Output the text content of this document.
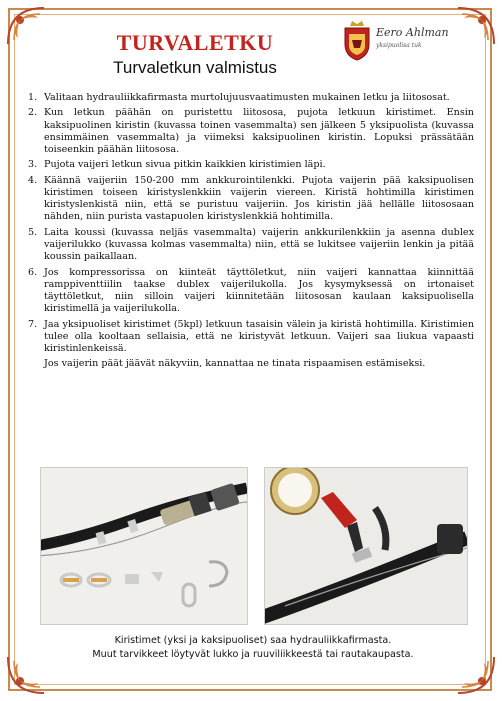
TURVALETKU
Turvaletkun valmistus
Eero Ahlman
yksipuolisa tuk
1. Valitaan hydrauliikkafirmasta murtolujuusvaatimusten mukainen letku ja liitososat.
2. Kun letkun päähän on puristettu liitososa, pujota letkuun kiristimet. Ensin kaksipuolinen kiristin (kuvassa toinen vasemmalta) sen jälkeen 5 yksipuolista (kuvassa ensimmäinen vasemmalta) ja viimeksi kaksipuolinen kiristin. Lopuksi prässätään toiseenkin päähän liitososa.
3. Pujota vaijeri letkun sivua pitkin kaikkien kiristimien läpi.
4. Käännä vaijeriin 150-200 mm ankkurointilenkki. Pujota vaijerin pää kaksipuolisen kiristimen toiseen kiristyslenkkiin vaijerin viereen. Kiristä hohtimilla kiristimen kiristyslenkistä niin, että se puristuu vaijeriin. Jos kiristin jää hellälle liitososaan nähden, niin purista vastapuolen kiristyslenkkiä hohtimilla.
5. Laita koussi (kuvassa neljäs vasemmalta) vaijerin ankkurilenkkiin ja asenna dublex vaijerilukko (kuvassa kolmas vasemmalta) niin, että se lukitsee vaijeriin lenkin ja pitää koussin paikallaan.
6. Jos kompressorissa on kiinteät täyttöletkut, niin vaijeri kannattaa kiinnittää ramppiventtiilin taakse dublex vaijerilukolla. Jos kysymyksessä on irtonaiset täyttöletkut, niin silloin vaijeri kiinnitetään liitososan kaulaan kaksipuolisella kiristimellä ja vaijerilukolla.
7. Jaa yksipuoliset kiristimet (5kpl) letkuun tasaisin välein ja kiristä hohtimilla. Kiristimien tulee olla kooltaan sellaisia, että ne kiristyvät letkuun. Vaijeri saa liukua vapaasti kiristinlenkeissä.
Jos vaijerin päät jäävät näkyviin, kannattaa ne tinata rispaamisen estämiseksi.
Kiristimet (yksi ja kaksipuoliset) saa hydrauliikkafirmasta.
Muut tarvikkeet löytyvät lukko ja ruuviliikkeestä tai rautakaupasta.
